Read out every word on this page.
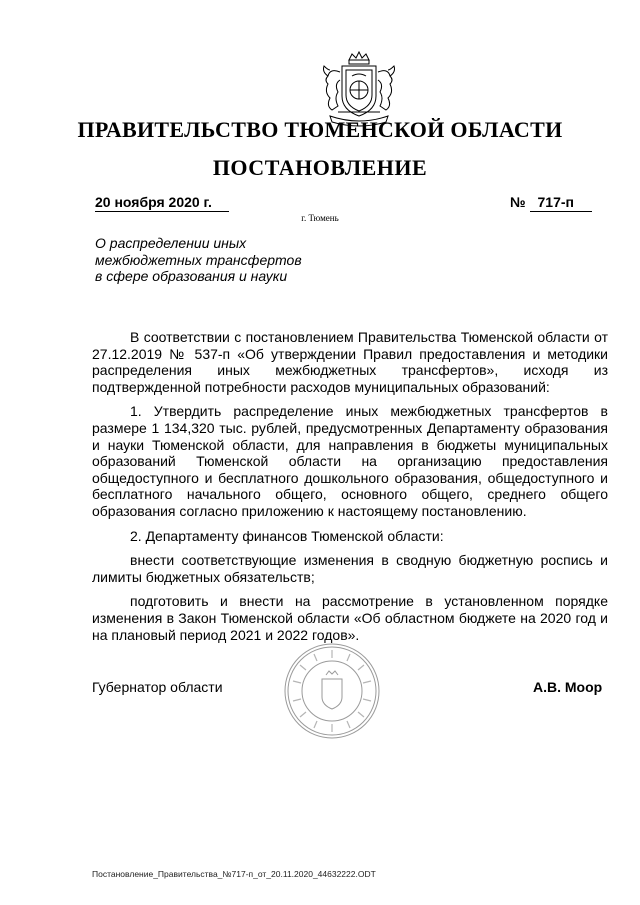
ПРАВИТЕЛЬСТВО ТЮМЕНСКОЙ ОБЛАСТИ
ПОСТАНОВЛЕНИЕ
20 ноября 2020 г.	№ 717-п
г. Тюмень
О распределении иных
межбюджетных трансфертов
в сфере образования и науки

В соответствии с постановлением Правительства Тюменской области от 27.12.2019 № 537-п «Об утверждении Правил предоставления и методики распределения иных межбюджетных трансфертов», исходя из подтвержденной потребности расходов муниципальных образований:

1. Утвердить распределение иных межбюджетных трансфертов в размере 1 134,320 тыс. рублей, предусмотренных Департаменту образования и науки Тюменской области, для направления в бюджеты муниципальных образований Тюменской области на организацию предоставления общедоступного и бесплатного дошкольного образования, общедоступного и бесплатного начального общего, основного общего, среднего общего образования согласно приложению к настоящему постановлению.

2. Департаменту финансов Тюменской области:

внести соответствующие изменения в сводную бюджетную роспись и лимиты бюджетных обязательств;

подготовить и внести на рассмотрение в установленном порядке изменения в Закон Тюменской области «Об областном бюджете на 2020 год и на плановый период 2021 и 2022 годов».

Губернатор области	А.В. Моор
Постановление_Правительства_№717-п_от_20.11.2020_44632222.ODT
